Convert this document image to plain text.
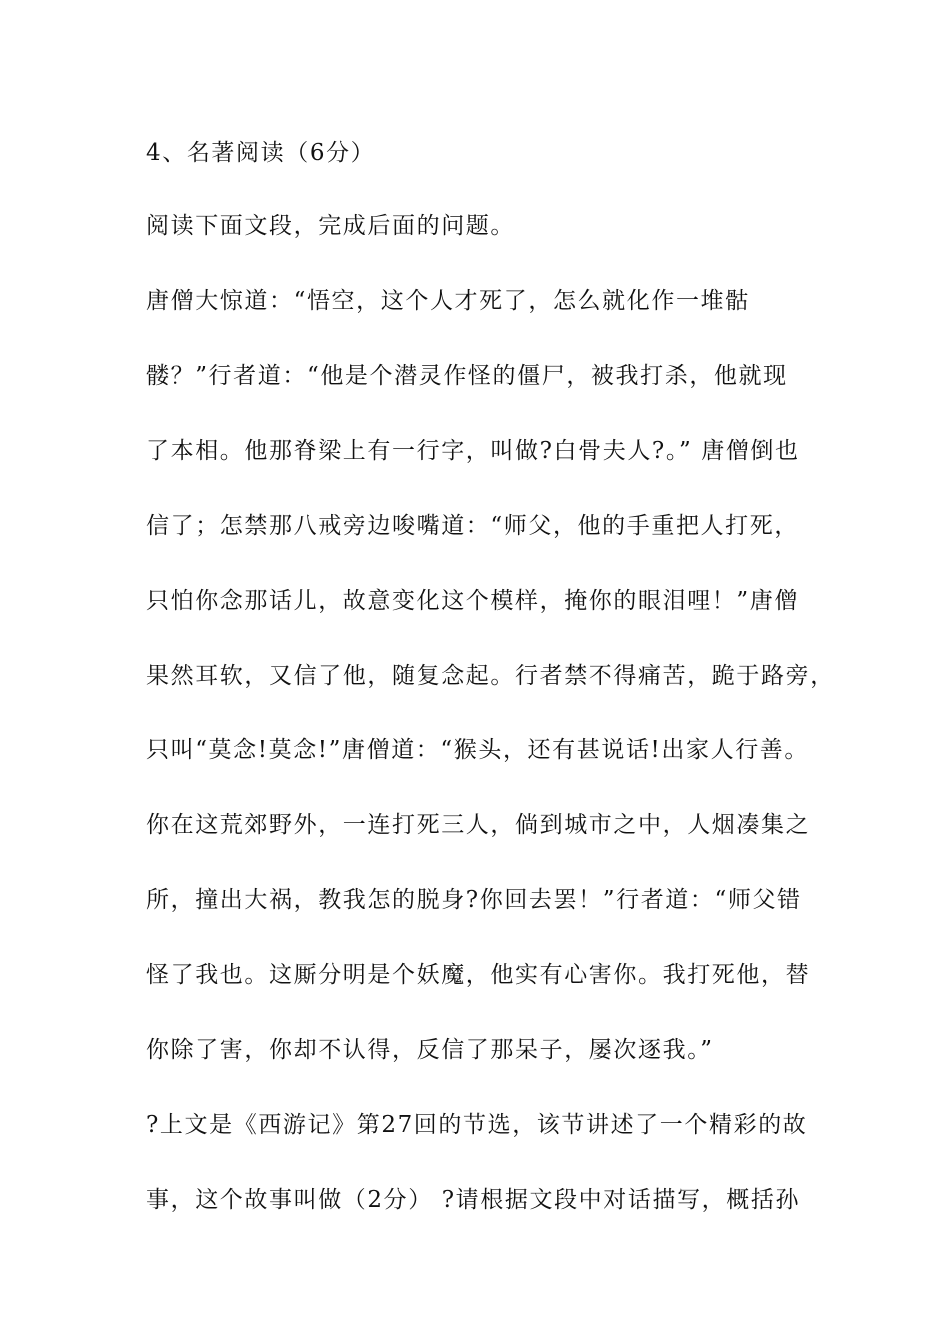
4、名著阅读（6分）
阅读下面文段，完成后面的问题。
唐僧大惊道：“悟空，这个人才死了，怎么就化作一堆骷
髅？”行者道：“他是个潜灵作怪的僵尸，被我打杀，他就现
了本相。他那脊梁上有一行字，叫做?白骨夫人?。” 唐僧倒也
信了；怎禁那八戒旁边唆嘴道：“师父，他的手重把人打死，
只怕你念那话儿，故意变化这个模样，掩你的眼泪哩！”唐僧
果然耳软，又信了他，随复念起。行者禁不得痛苦，跪于路旁，
只叫“莫念!莫念!”唐僧道：“猴头，还有甚说话!出家人行善。
你在这荒郊野外，一连打死三人，倘到城市之中，人烟凑集之
所，撞出大祸，教我怎的脱身?你回去罢！”行者道：“师父错
怪了我也。这厮分明是个妖魔，他实有心害你。我打死他，替
你除了害，你却不认得，反信了那呆子，屡次逐我。”
?上文是《西游记》第27回的节选，该节讲述了一个精彩的故
事，这个故事叫做（2分） ?请根据文段中对话描写，概括孙
